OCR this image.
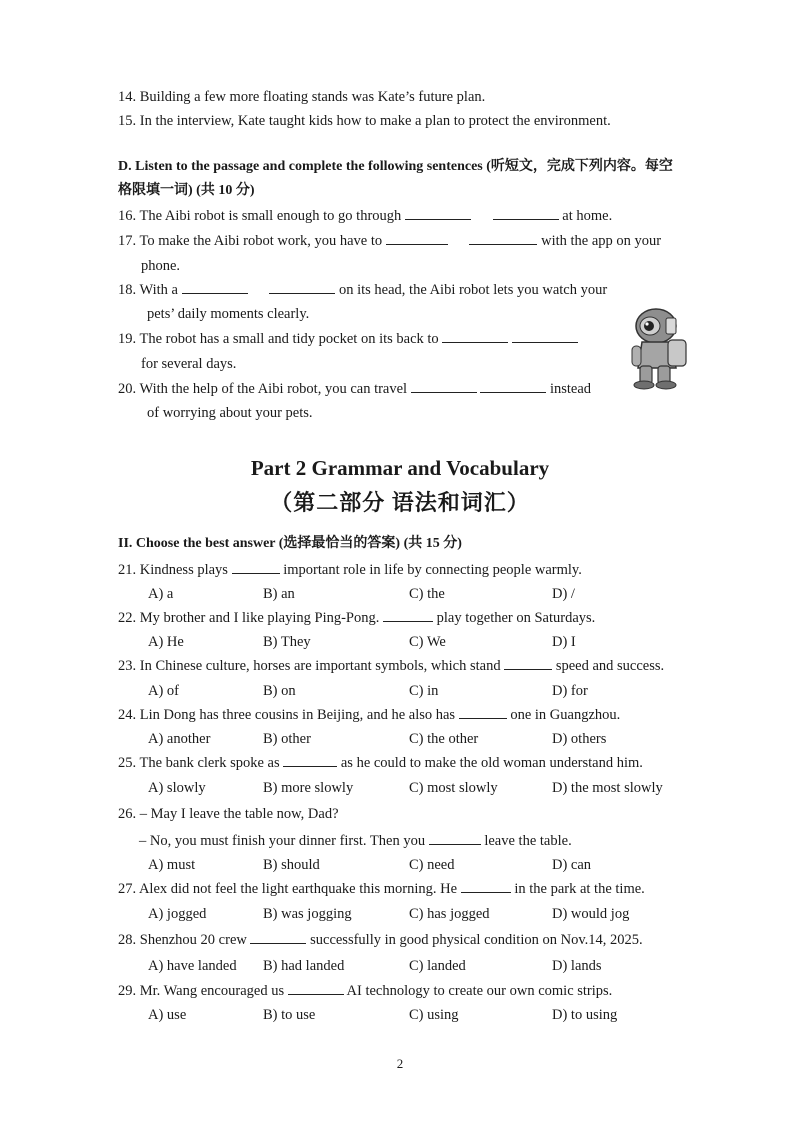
14. Building a few more floating stands was Kate’s future plan.
15. In the interview, Kate taught kids how to make a plan to protect the environment.
D. Listen to the passage and complete the following sentences (听短文，完成下列内容。每空
格限填一词) (共 10 分)
16. The Aibi robot is small enough to go through	at home.
17. To make the Aibi robot work, you have to	with the app on your
phone.
18. With a	on its head, the Aibi robot lets you watch your
pets’ daily moments clearly.
19. The robot has a small and tidy pocket on its back to
for several days.
20. With the help of the Aibi robot, you can travel	instead
of worrying about your pets.
Part 2 Grammar and Vocabulary
（第二部分 语法和词汇）
II. Choose the best answer (选择最恰当的答案) (共 15 分)
21. Kindness plays	important role in life by connecting people warmly.
A) a	B) an	C) the	D) /
22. My brother and I like playing Ping-Pong.	play together on Saturdays.
A) He	B) They	C) We	D) I
23. In Chinese culture, horses are important symbols, which stand	speed and success.
A) of	B) on	C) in	D) for
24. Lin Dong has three cousins in Beijing, and he also has	one in Guangzhou.
A) another	B) other	C) the other	D) others
25. The bank clerk spoke as	as he could to make the old woman understand him.
A) slowly	B) more slowly	C) most slowly	D) the most slowly
26. – May I leave the table now, Dad?
– No, you must finish your dinner first. Then you	leave the table.
A) must	B) should	C) need	D) can
27. Alex did not feel the light earthquake this morning. He	in the park at the time.
A) jogged	B) was jogging	C) has jogged	D) would jog
28. Shenzhou 20 crew	successfully in good physical condition on Nov.14, 2025.
A) have landed B) had landed	C) landed	D) lands
29. Mr. Wang encouraged us	AI technology to create our own comic strips.
A) use	B) to use	C) using	D) to using
2
